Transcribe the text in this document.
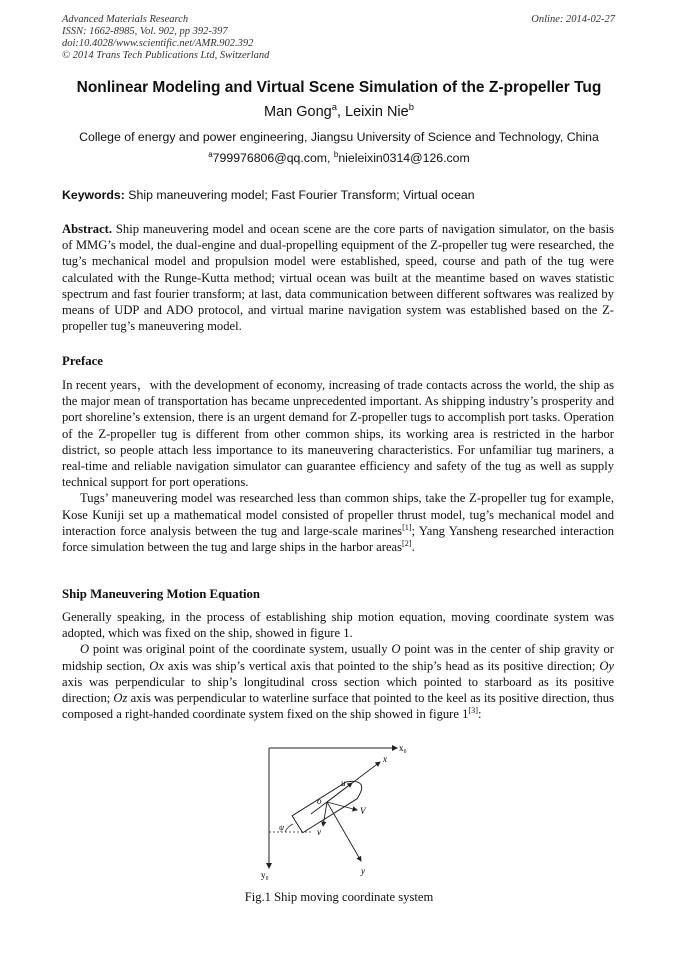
Advanced Materials Research
ISSN: 1662-8985, Vol. 902, pp 392-397
doi:10.4028/www.scientific.net/AMR.902.392
© 2014 Trans Tech Publications Ltd, Switzerland
Online: 2014-02-27
Nonlinear Modeling and Virtual Scene Simulation of the Z-propeller Tug
Man Gong$^a$, Leixin Nie$^b$
College of energy and power engineering, Jiangsu University of Science and Technology, China
$^a$799976806@qq.com, $^b$nieleixin0314@126.com
Keywords: Ship maneuvering model; Fast Fourier Transform; Virtual ocean
Abstract. Ship maneuvering model and ocean scene are the core parts of navigation simulator, on the basis of MMG’s model, the dual-engine and dual-propelling equipment of the Z-propeller tug were researched, the tug’s mechanical model and propulsion model were established, speed, course and path of the tug were calculated with the Runge-Kutta method; virtual ocean was built at the meantime based on waves statistic spectrum and fast fourier transform; at last, data communication between different softwares was realized by means of UDP and ADO protocol, and virtual marine navigation system was established based on the Z-propeller tug’s maneuvering model.
Preface

In recent years，with the development of economy, increasing of trade contacts across the world, the ship as the major mean of transportation has became unprecedented important. As shipping industry’s prosperity and port shoreline’s extension, there is an urgent demand for Z-propeller tugs to accomplish port tasks. Operation of the Z-propeller tug is different from other common ships, its working area is restricted in the harbor district, so people attach less importance to its maneuvering characteristics. For unfamiliar tug mariners, a real-time and reliable navigation simulator can guarantee efficiency and safety of the tug as well as supply technical support for port operations.

Tugs’ maneuvering model was researched less than common ships, take the Z-propeller tug for example, Kose Kuniji set up a mathematical model consisted of propeller thrust model, tug’s mechanical model and interaction force analysis between the tug and large-scale marines[1]; Yang Yansheng researched interaction force simulation between the tug and large ships in the harbor areas[2].

Ship Maneuvering Motion Equation

Generally speaking, in the process of establishing ship motion equation, moving coordinate system was adopted, which was fixed on the ship, showed in figure 1.

O point was original point of the coordinate system, usually O point was in the center of ship gravity or midship section, Ox axis was ship’s vertical axis that pointed to the ship’s head as its positive direction; Oy axis was perpendicular to ship’s longitudinal cross section which pointed to starboard as its positive direction; Oz axis was perpendicular to waterline surface that pointed to the keel as its positive direction, thus composed a right-handed coordinate system fixed on the ship showed in figure 1[3]:

x₀
y₀
x
y
u
V
v
o
ψ
Fig.1 Ship moving coordinate system
